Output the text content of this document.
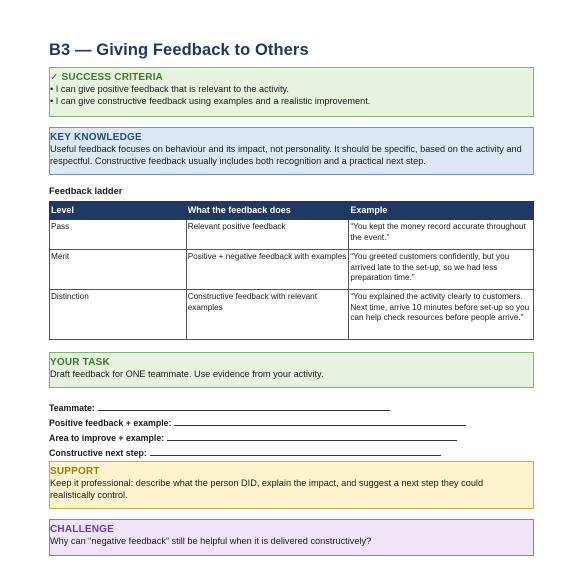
B3 — Giving Feedback to Others
✓ SUCCESS CRITERIA
• I can give positive feedback that is relevant to the activity.
• I can give constructive feedback using examples and a realistic improvement.
KEY KNOWLEDGE
Useful feedback focuses on behaviour and its impact, not personality. It should be specific, based on the activity and respectful. Constructive feedback usually includes both recognition and a practical next step.
Feedback ladder
Level	What the feedback does	Example
Pass	Relevant positive feedback	“You kept the money record accurate throughout the event.”
Merit	Positive + negative feedback with examples	“You greeted customers confidently, but you arrived late to the set-up, so we had less preparation time.”
Distinction	Constructive feedback with relevant examples	“You explained the activity clearly to customers. Next time, arrive 10 minutes before set-up so you can help check resources before people arrive.”
YOUR TASK
Draft feedback for ONE teammate. Use evidence from your activity.
Teammate:
Positive feedback + example:
Area to improve + example:
Constructive next step:
SUPPORT
Keep it professional: describe what the person DID, explain the impact, and suggest a next step they could realistically control.
CHALLENGE
Why can “negative feedback” still be helpful when it is delivered constructively?
